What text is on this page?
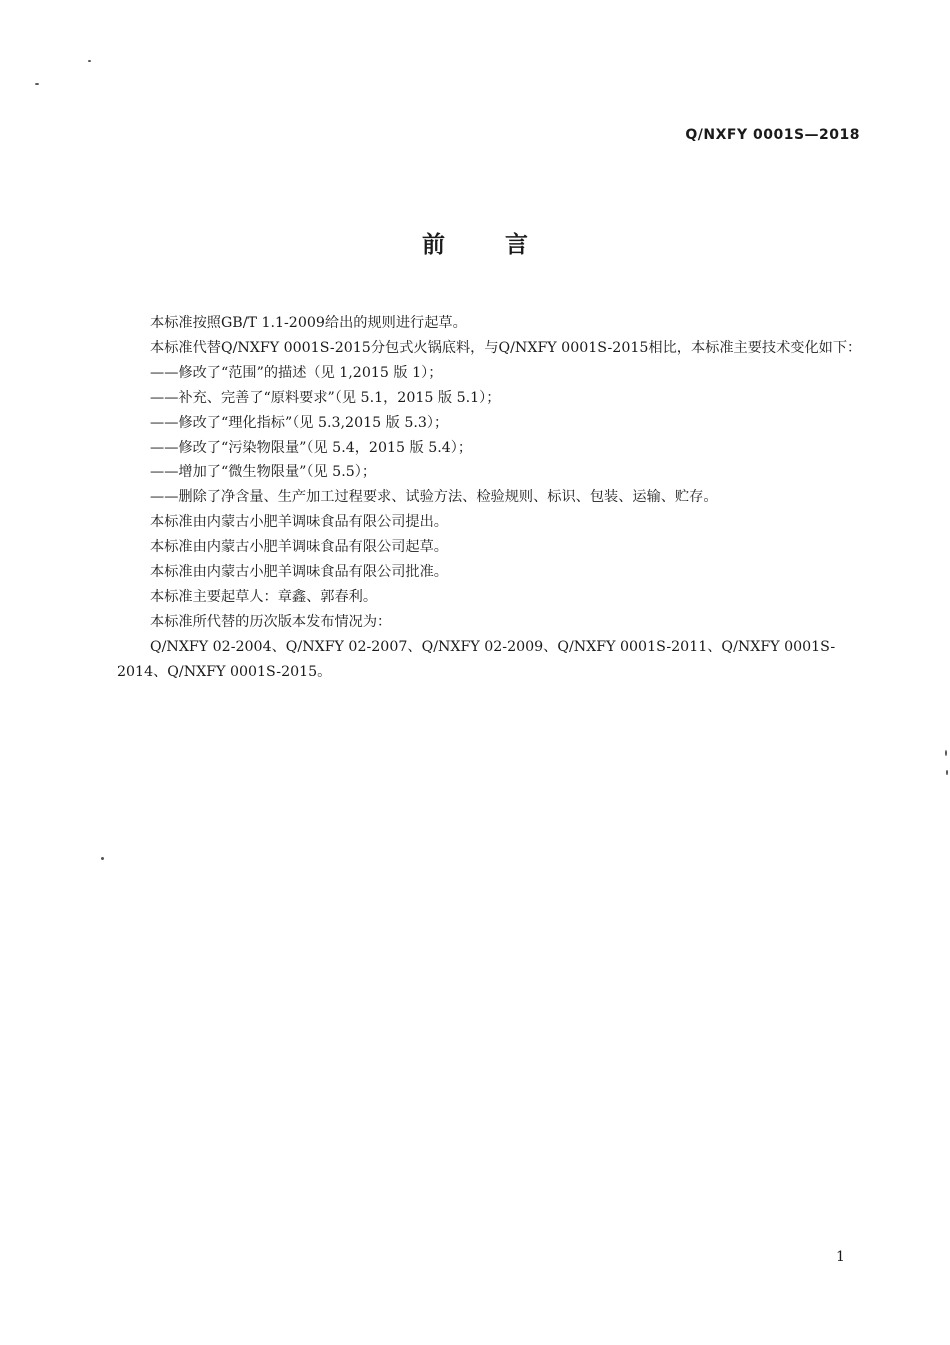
Q/NXFY 0001S—2018
前言

本标准按照GB/T 1.1-2009给出的规则进行起草。

本标准代替Q/NXFY 0001S-2015分包式火锅底料，与Q/NXFY 0001S-2015相比，本标准主要技术变化如下：

——修改了“范围”的描述（见 1,2015 版 1）；

——补充、完善了“原料要求”（见 5.1，2015 版 5.1）；

——修改了“理化指标”（见 5.3,2015 版 5.3）；

——修改了“污染物限量”（见 5.4，2015 版 5.4）；

——增加了“微生物限量”（见 5.5）；

——删除了净含量、生产加工过程要求、试验方法、检验规则、标识、包装、运输、贮存。

本标准由内蒙古小肥羊调味食品有限公司提出。

本标准由内蒙古小肥羊调味食品有限公司起草。

本标准由内蒙古小肥羊调味食品有限公司批准。

本标准主要起草人：章鑫、郭春利。

本标准所代替的历次版本发布情况为：

Q/NXFY 02-2004、Q/NXFY 02-2007、Q/NXFY 02-2009、Q/NXFY 0001S-2011、Q/NXFY 0001S-2014、Q/NXFY 0001S-2015。

1
